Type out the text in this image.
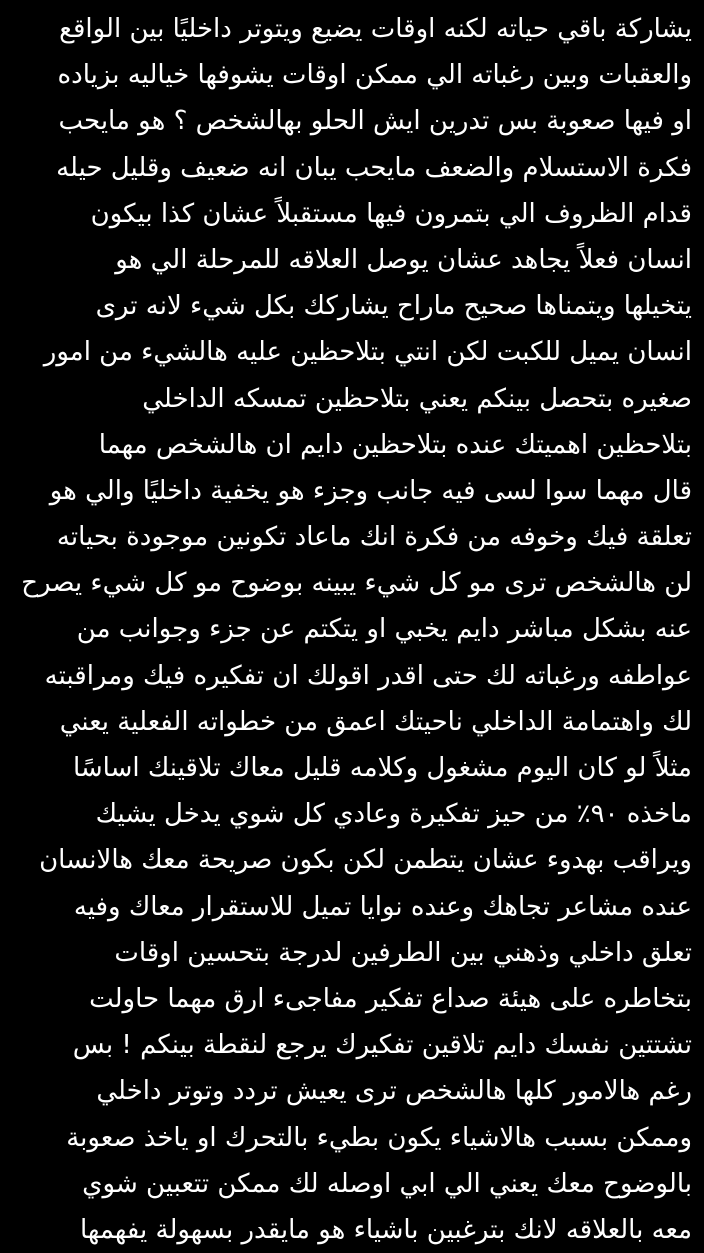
يشاركة باقي حياته لكنه اوقات يضيع ويتوتر داخليًا بين الواقع
والعقبات وبين رغباته الي ممكن اوقات يشوفها خياليه بزياده
او فيها صعوبة بس تدرين ايش الحلو بهالشخص ؟ هو مايحب
فكرة الاستسلام والضعف مايحب يبان انه ضعيف وقليل حيله
قدام الظروف الي بتمرون فيها مستقبلاً عشان كذا بيكون
انسان فعلاً يجاهد عشان يوصل العلاقه للمرحلة الي هو
يتخيلها ويتمناها صحيح ماراح يشاركك بكل شيء لانه ترى
انسان يميل للكبت لكن انتي بتلاحظين عليه هالشيء من امور
صغيره بتحصل بينكم يعني بتلاحظين تمسكه الداخلي
بتلاحظين اهميتك عنده بتلاحظين دايم ان هالشخص مهما
قال مهما سوا لسى فيه جانب وجزء هو يخفية داخليًا والي هو
تعلقة فيك وخوفه من فكرة انك ماعاد تكونين موجودة بحياته
لن هالشخص ترى مو كل شيء يبينه بوضوح مو كل شيء يصرح
عنه بشكل مباشر دايم يخبي او يتكتم عن جزء وجوانب من
عواطفه ورغباته لك حتى اقدر اقولك ان تفكيره فيك ومراقبته
لك واهتمامة الداخلي ناحيتك اعمق من خطواته الفعلية يعني
مثلاً لو كان اليوم مشغول وكلامه قليل معاك تلاقينك اساسًا
ماخذه ٩٠٪ من حيز تفكيرة وعادي كل شوي يدخل يشيك
ويراقب بهدوء عشان يتطمن لكن بكون صريحة معك هالانسان
عنده مشاعر تجاهك وعنده نوايا تميل للاستقرار معاك وفيه
تعلق داخلي وذهني بين الطرفين لدرجة بتحسين اوقات
بتخاطره على هيئة صداع تفكير مفاجىء ارق مهما حاولت
تشتتين نفسك دايم تلاقين تفكيرك يرجع لنقطة بينكم ! بس
رغم هالامور كلها هالشخص ترى يعيش تردد وتوتر داخلي
وممكن بسبب هالاشياء يكون بطيء بالتحرك او ياخذ صعوبة
بالوضوح معك يعني الي ابي اوصله لك ممكن تتعبين شوي
معه بالعلاقه لانك بترغبين باشياء هو مايقدر بسهولة يفهمها
